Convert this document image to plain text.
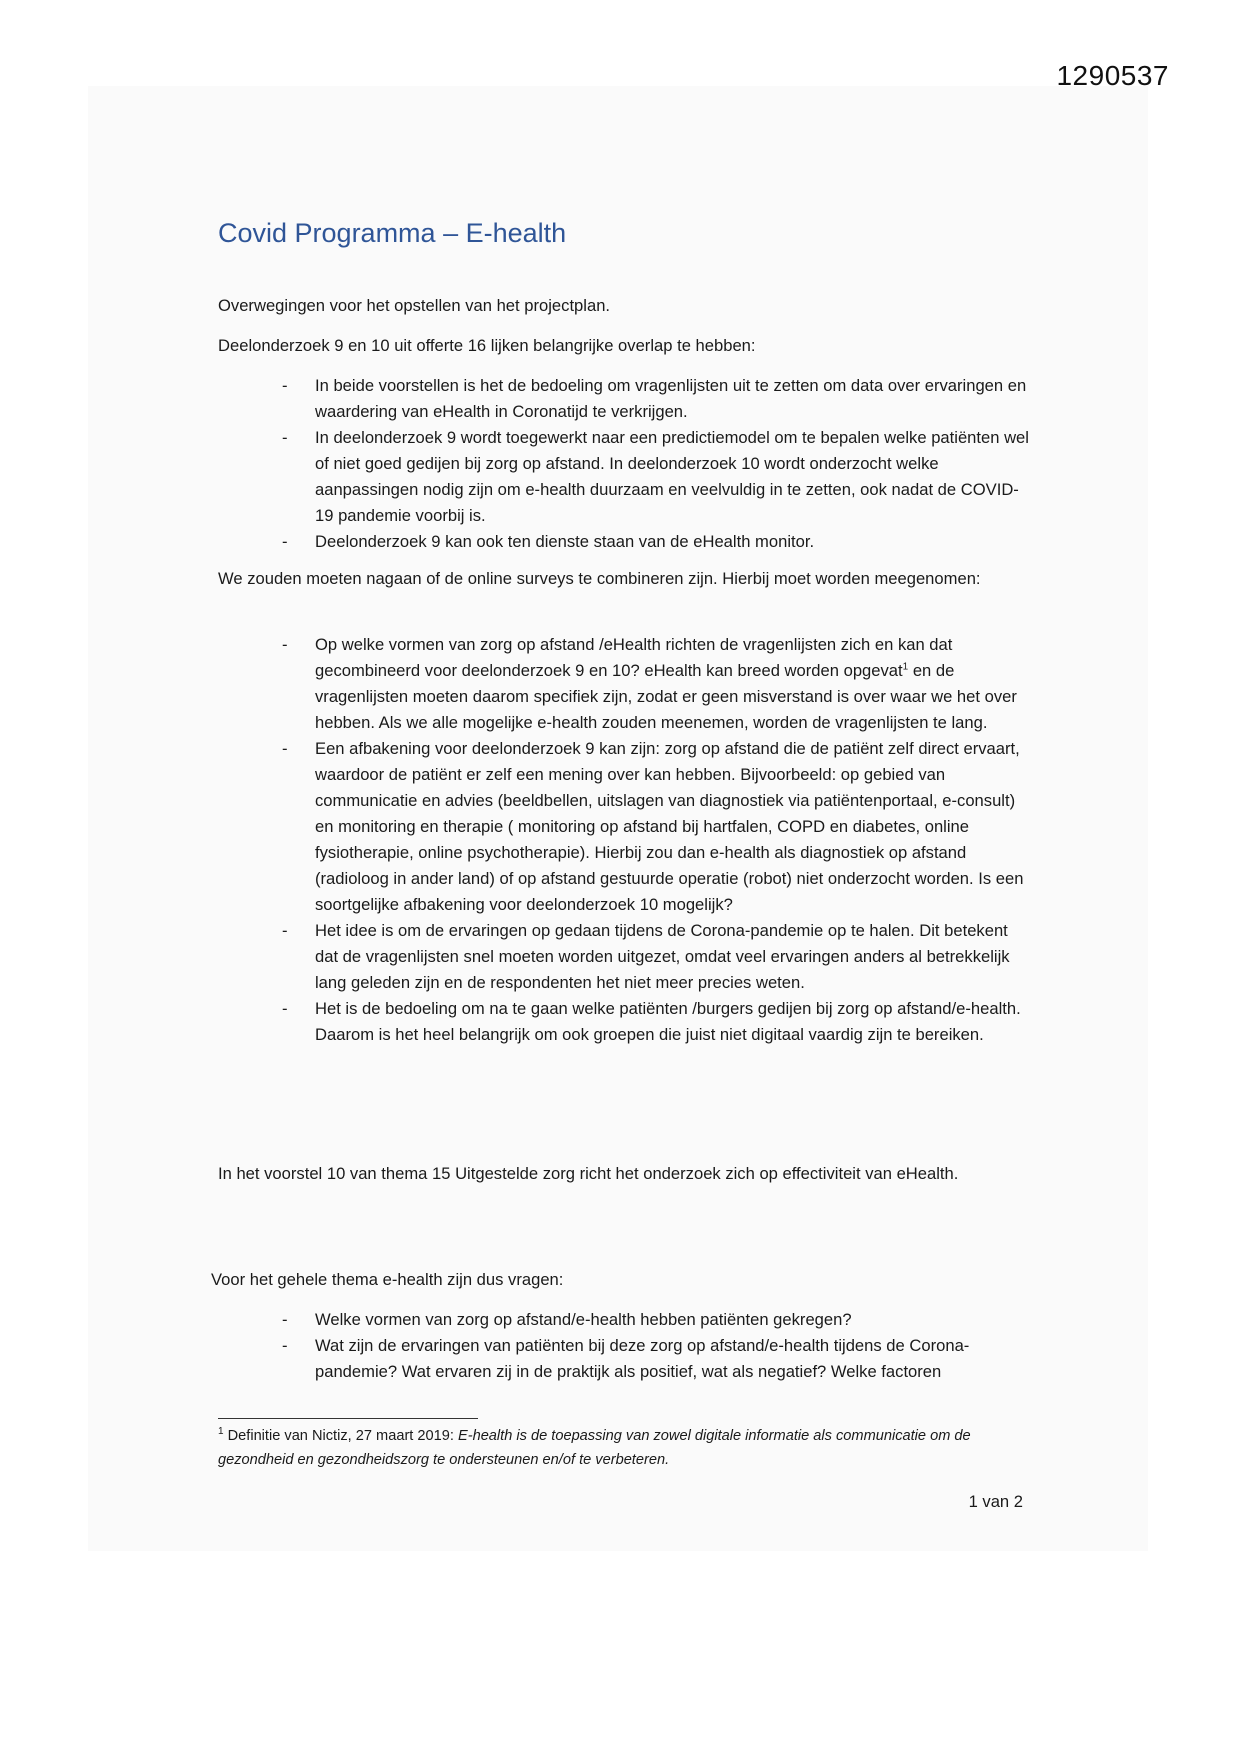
1290537
Covid Programma – E-health

Overwegingen voor het opstellen van het projectplan.

Deelonderzoek 9 en 10 uit offerte 16 lijken belangrijke overlap te hebben:

- In beide voorstellen is het de bedoeling om vragenlijsten uit te zetten om data over ervaringen en waardering van eHealth in Coronatijd te verkrijgen.
- In deelonderzoek 9 wordt toegewerkt naar een predictiemodel om te bepalen welke patiënten wel of niet goed gedijen bij zorg op afstand. In deelonderzoek 10 wordt onderzocht welke aanpassingen nodig zijn om e-health duurzaam en veelvuldig in te zetten, ook nadat de COVID-19 pandemie voorbij is.
- Deelonderzoek 9 kan ook ten dienste staan van de eHealth monitor.

We zouden moeten nagaan of de online surveys te combineren zijn. Hierbij moet worden meegenomen:

- Op welke vormen van zorg op afstand /eHealth richten de vragenlijsten zich en kan dat gecombineerd voor deelonderzoek 9 en 10? eHealth kan breed worden opgevat$^1$ en de vragenlijsten moeten daarom specifiek zijn, zodat er geen misverstand is over waar we het over hebben. Als we alle mogelijke e-health zouden meenemen, worden de vragenlijsten te lang.
- Een afbakening voor deelonderzoek 9 kan zijn: zorg op afstand die de patiënt zelf direct ervaart, waardoor de patiënt er zelf een mening over kan hebben. Bijvoorbeeld: op gebied van communicatie en advies (beeldbellen, uitslagen van diagnostiek via patiëntenportaal, e-consult) en monitoring en therapie ( monitoring op afstand bij hartfalen, COPD en diabetes, online fysiotherapie, online psychotherapie). Hierbij zou dan e-health als diagnostiek op afstand (radioloog in ander land) of op afstand gestuurde operatie (robot) niet onderzocht worden. Is een soortgelijke afbakening voor deelonderzoek 10 mogelijk?
- Het idee is om de ervaringen op gedaan tijdens de Corona-pandemie op te halen. Dit betekent dat de vragenlijsten snel moeten worden uitgezet, omdat veel ervaringen anders al betrekkelijk lang geleden zijn en de respondenten het niet meer precies weten.
- Het is de bedoeling om na te gaan welke patiënten /burgers gedijen bij zorg op afstand/e-health. Daarom is het heel belangrijk om ook groepen die juist niet digitaal vaardig zijn te bereiken.

In het voorstel 10 van thema 15 Uitgestelde zorg richt het onderzoek zich op effectiviteit van eHealth.

Voor het gehele thema e-health zijn dus vragen:

- Welke vormen van zorg op afstand/e-health hebben patiënten gekregen?
- Wat zijn de ervaringen van patiënten bij deze zorg op afstand/e-health tijdens de Corona-pandemie? Wat ervaren zij in de praktijk als positief, wat als negatief? Welke factoren
$^1$ Definitie van Nictiz, 27 maart 2019: E-health is de toepassing van zowel digitale informatie als communicatie om de gezondheid en gezondheidszorg te ondersteunen en/of te verbeteren.
1 van 2
